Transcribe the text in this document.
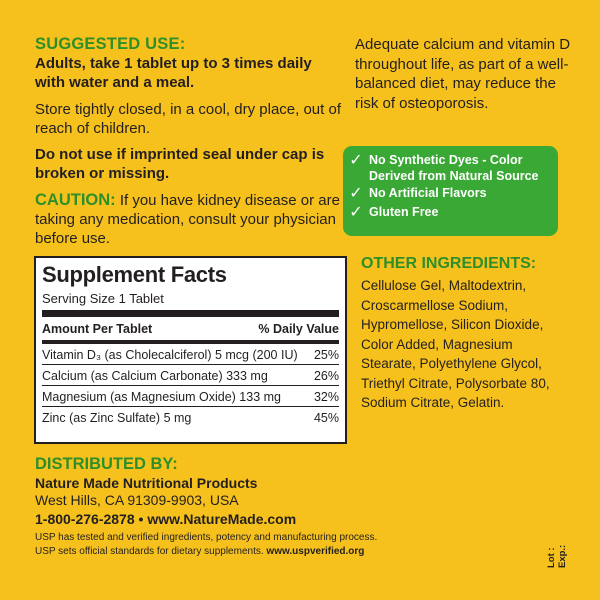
SUGGESTED USE:
Adults, take 1 tablet up to 3 times daily with water and a meal.
Store tightly closed, in a cool, dry place, out of reach of children.
Do not use if imprinted seal under cap is broken or missing.
CAUTION: If you have kidney disease or are taking any medication, consult your physician before use.
Supplement Facts
Serving Size 1 Tablet
Amount Per Tablet	% Daily Value
Vitamin D₃ (as Cholecalciferol) 5 mcg (200 IU) 25%
Calcium (as Calcium Carbonate) 333 mg	26%
Magnesium (as Magnesium Oxide) 133 mg	32%
Zinc (as Zinc Sulfate) 5 mg	45%
DISTRIBUTED BY:
Nature Made Nutritional Products
West Hills, CA 91309-9903, USA
1-800-276-2878 • www.NatureMade.com
USP has tested and verified ingredients, potency and manufacturing process.
USP sets official standards for dietary supplements. www.uspverified.org
Adequate calcium and vitamin D throughout life, as part of a well-balanced diet, may reduce the risk of osteoporosis.
✓ No Synthetic Dyes - Color Derived from Natural Source
✓ No Artificial Flavors
✓ Gluten Free
OTHER INGREDIENTS:
Cellulose Gel, Maltodextrin, Croscarmellose Sodium, Hypromellose, Silicon Dioxide, Color Added, Magnesium Stearate, Polyethylene Glycol, Triethyl Citrate, Polysorbate 80, Sodium Citrate, Gelatin.
Lot : Exp.:
